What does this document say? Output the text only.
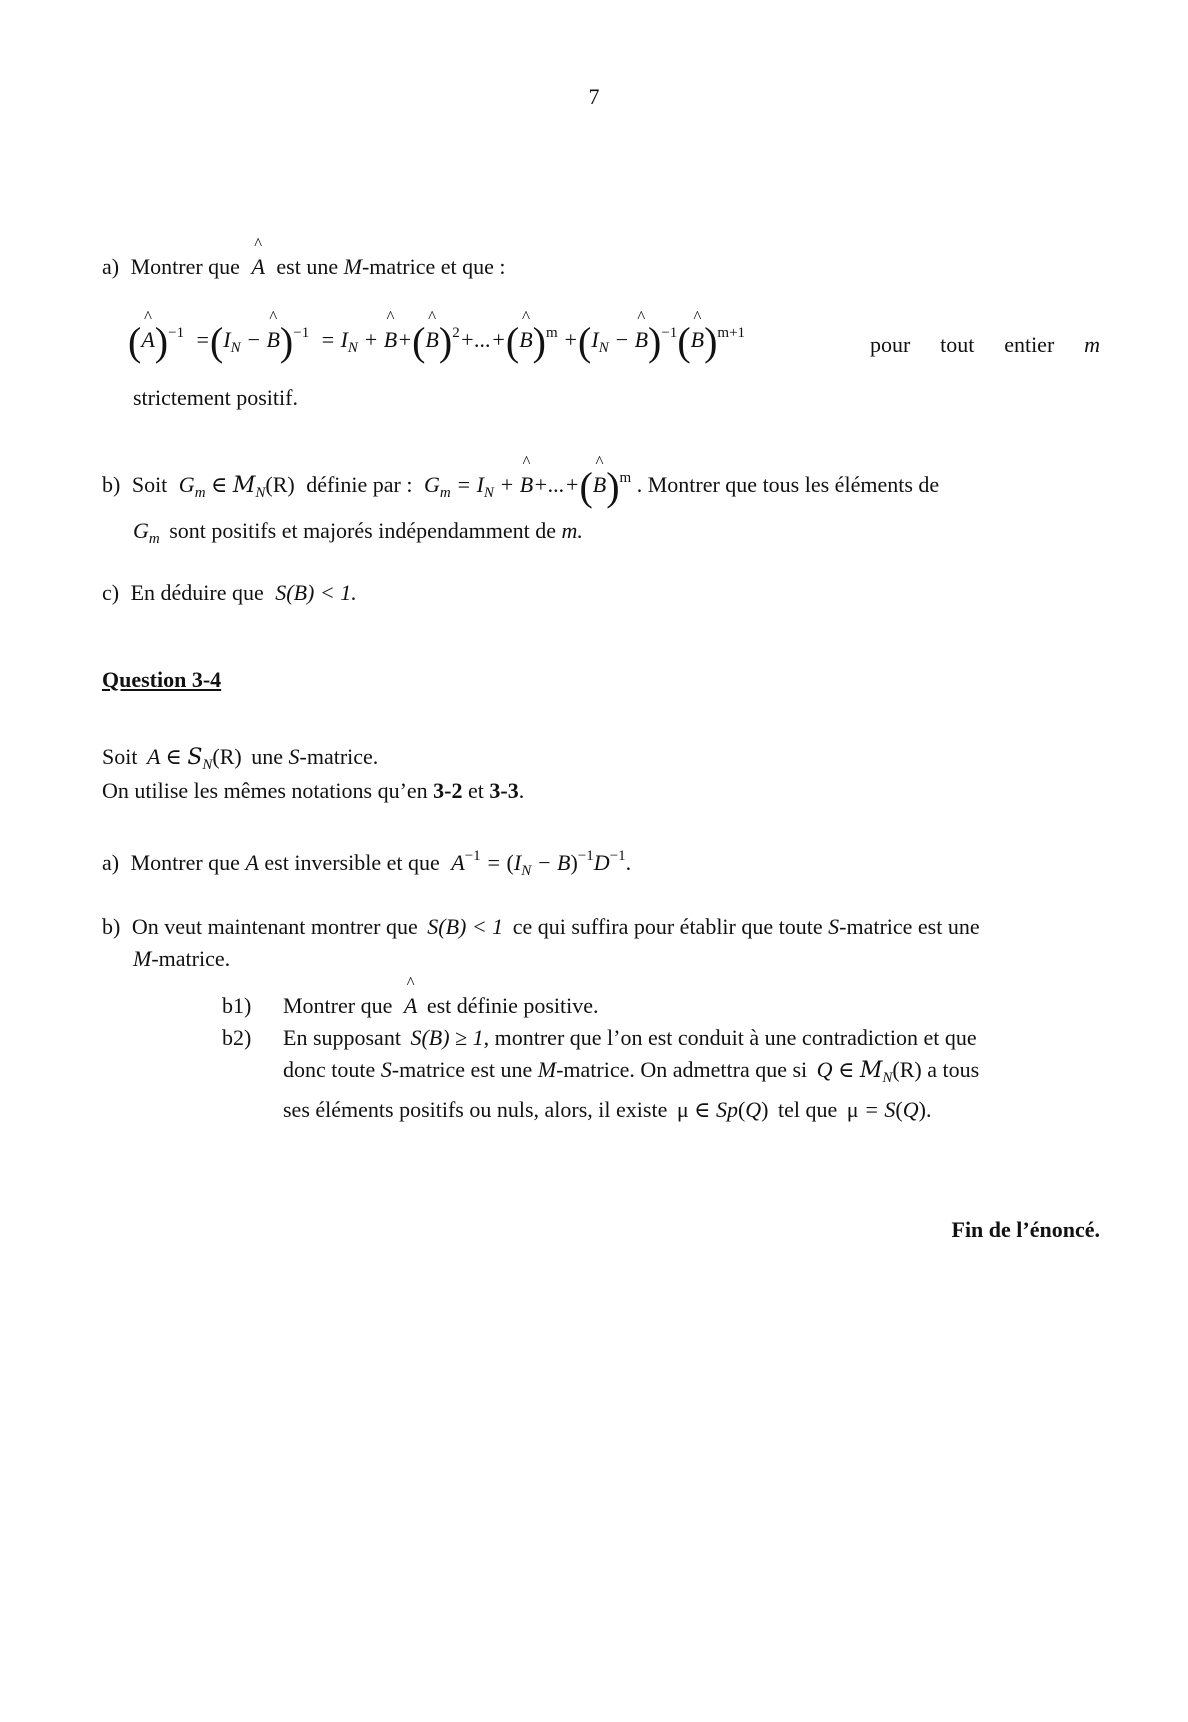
7
a) Montrer que ^ A est une M-matrice et que :
(^ $A)^{-1} =(I_N$ − ^ $B)^{-1} = I_N$ + ^ B+(^ B)$^2$+...+(^ $B)^m +(I_N$ − ^ B)$^{-1}$(^ B)$^{m+1}$	pour tout entier m
strictement positif.
b) Soit $G_m$ ∈ $M_N(R)$ définie par : $G_m = I_N$ + ^ B+...+(^ B)$^m$ . Montrer que tous les éléments de
$G_m$ sont positifs et majorés indépendamment de m.
c) En déduire que S(B) < 1.
Question 3-4
Soit A ∈ $S_N(R)$ une S-matrice.
On utilise les mêmes notations qu’en 3-2 et 3-3.
a) Montrer que A est inversible et que $A^{-1} = (I_N - B)^{-1}D^{-1}$.
b) On veut maintenant montrer que S(B) < 1 ce qui suffira pour établir que toute S-matrice est une
M-matrice.
b1) Montrer que ^ A est définie positive.
b2) En supposant S(B) ≥ 1, montrer que l’on est conduit à une contradiction et que
donc toute S-matrice est une M-matrice. On admettra que si Q ∈ $M_N(R)$ a tous
ses éléments positifs ou nuls, alors, il existe μ ∈ Sp(Q) tel que μ = S(Q).
Fin de l’énoncé.
